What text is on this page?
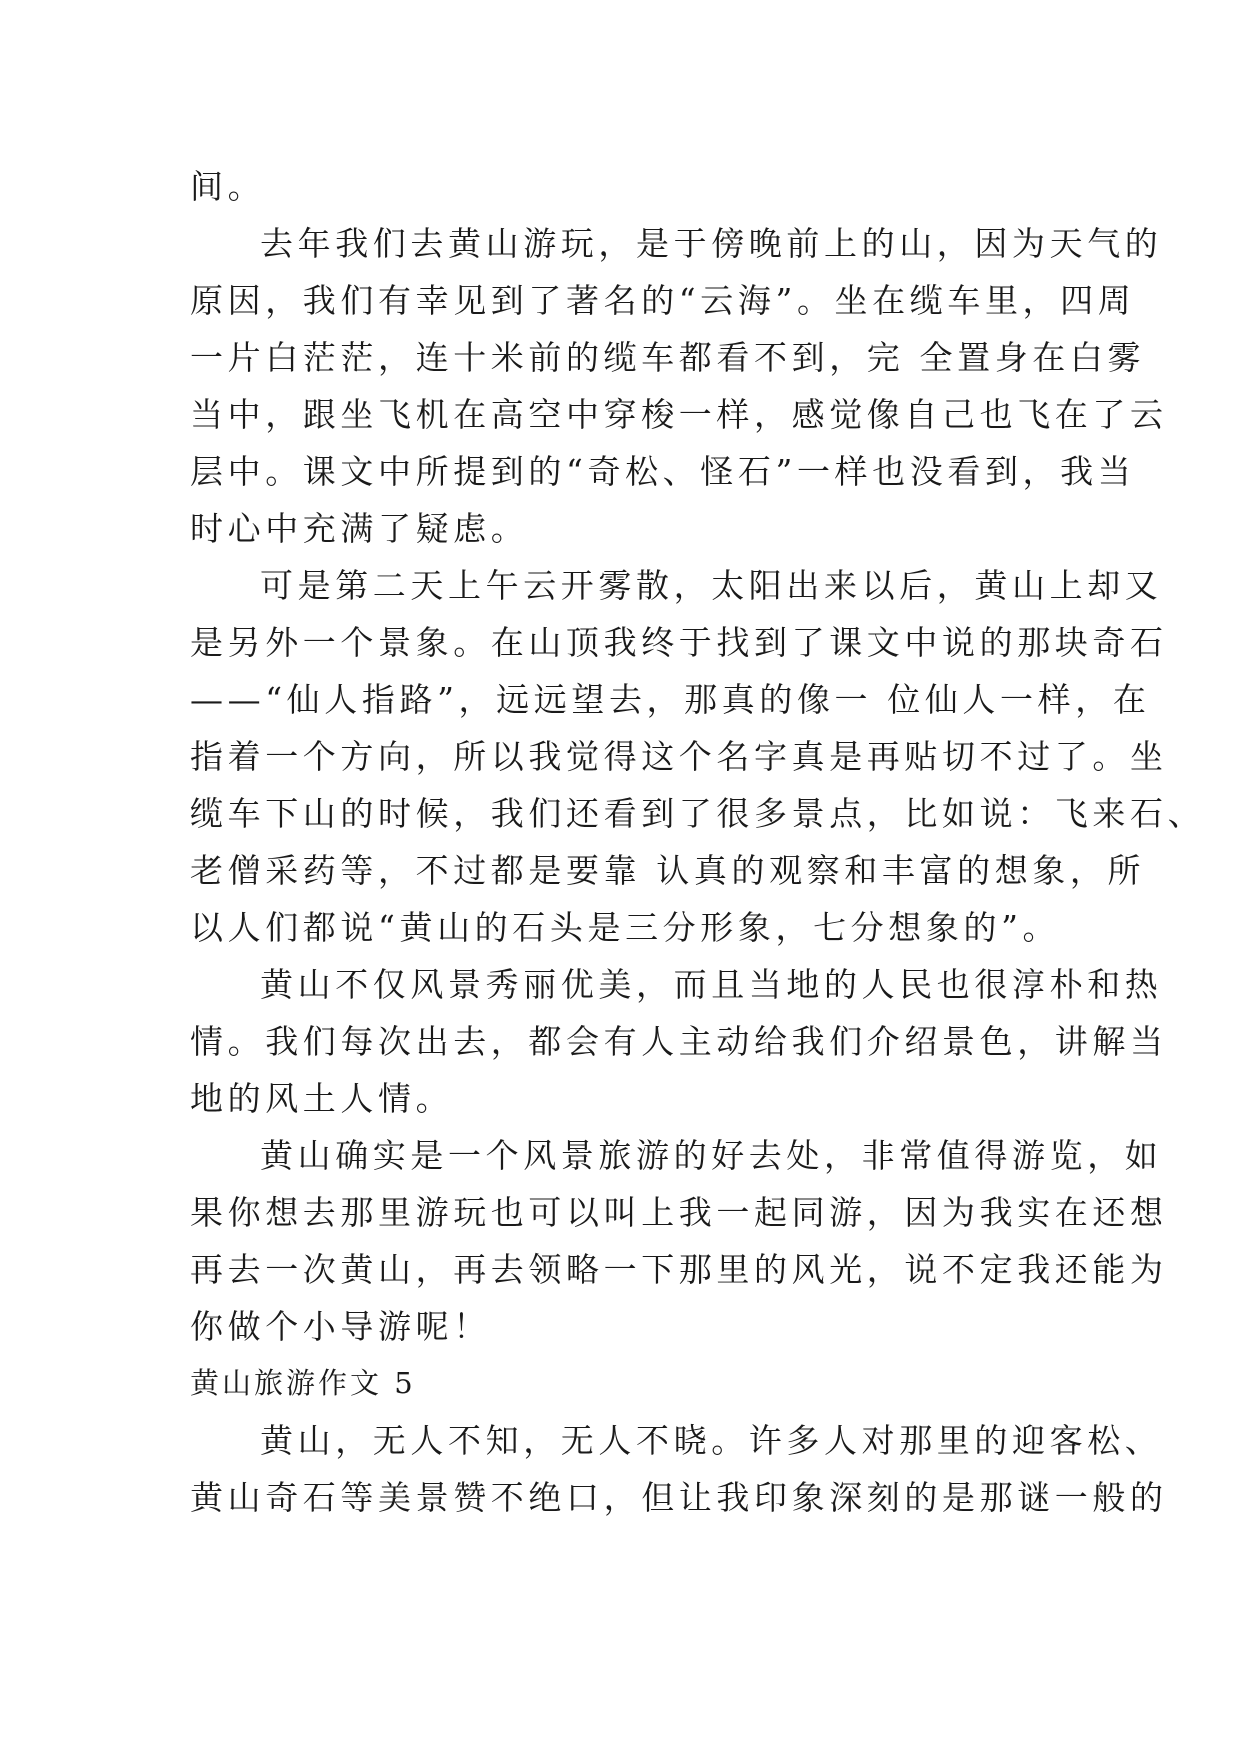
间。

去年我们去黄山游玩，是于傍晚前上的山，因为天气的

原因，我们有幸见到了著名的“云海”。坐在缆车里，四周

一片白茫茫，连十米前的缆车都看不到，完 全置身在白雾

当中，跟坐飞机在高空中穿梭一样，感觉像自己也飞在了云

层中。课文中所提到的“奇松、怪石”一样也没看到，我当

时心中充满了疑虑。

可是第二天上午云开雾散，太阳出来以后，黄山上却又

是另外一个景象。在山顶我终于找到了课文中说的那块奇石

——“仙人指路”，远远望去，那真的像一 位仙人一样，在

指着一个方向，所以我觉得这个名字真是再贴切不过了。坐

缆车下山的时候，我们还看到了很多景点，比如说：飞来石、

老僧采药等，不过都是要靠 认真的观察和丰富的想象，所

以人们都说“黄山的石头是三分形象，七分想象的”。

黄山不仅风景秀丽优美，而且当地的人民也很淳朴和热

情。我们每次出去，都会有人主动给我们介绍景色，讲解当

地的风土人情。

黄山确实是一个风景旅游的好去处，非常值得游览，如

果你想去那里游玩也可以叫上我一起同游，因为我实在还想

再去一次黄山，再去领略一下那里的风光，说不定我还能为

你做个小导游呢！

黄山旅游作文 5

黄山，无人不知，无人不晓。许多人对那里的迎客松、

黄山奇石等美景赞不绝口，但让我印象深刻的是那谜一般的
